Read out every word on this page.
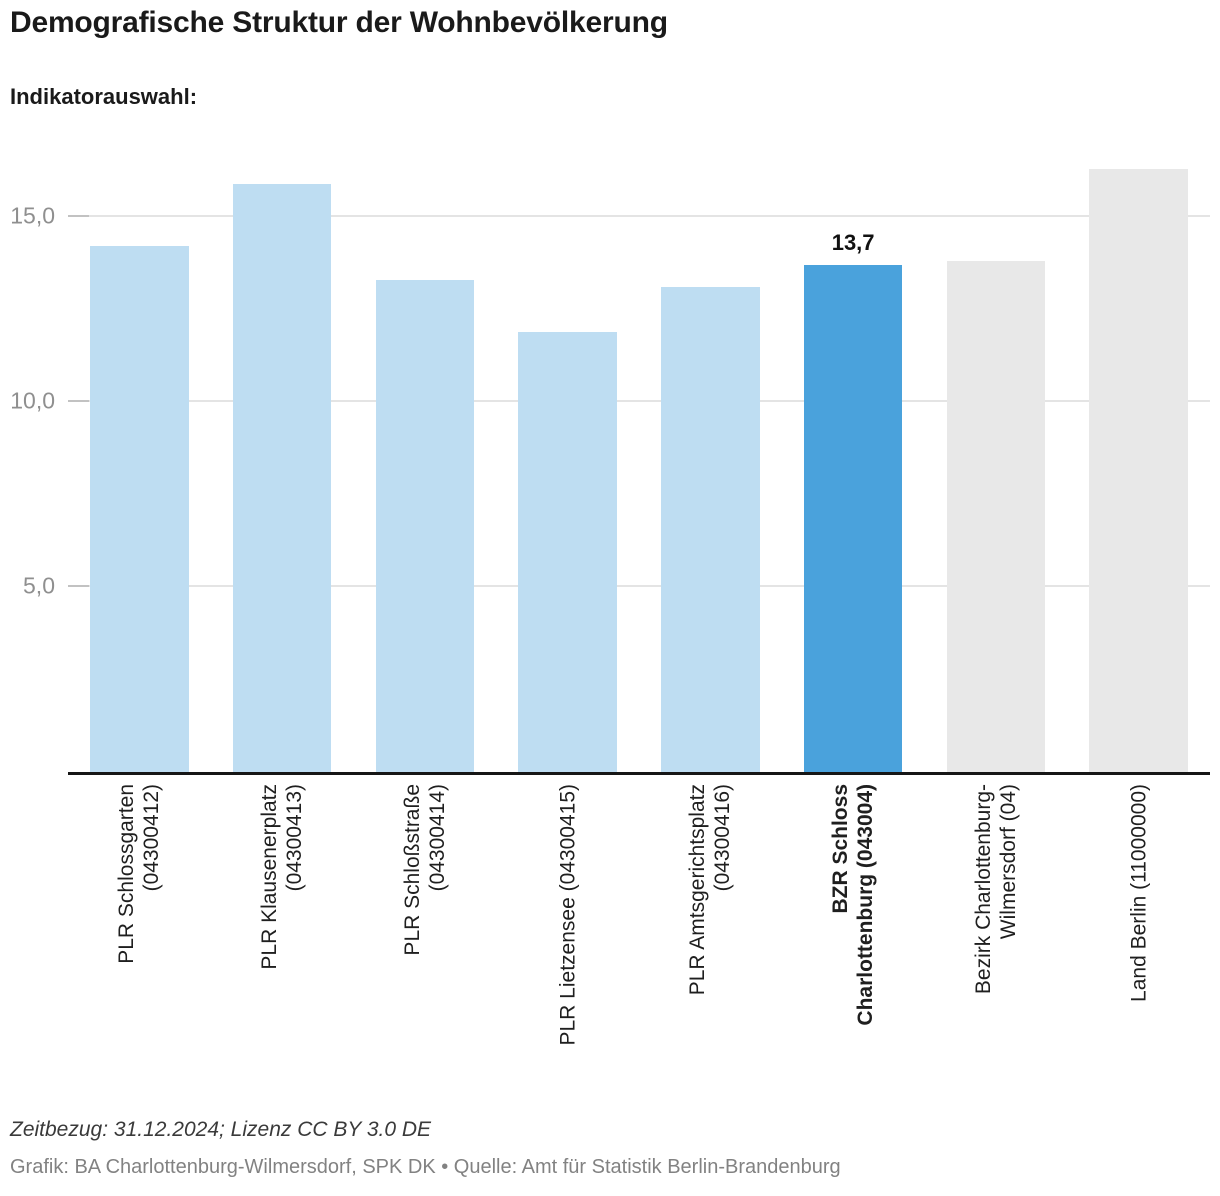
Demografische Struktur der Wohnbevölkerung
Indikatorauswahl:
5,0
10,0
15,0
13,7
PLR Schlossgarten (04300412)	PLR Klausenerplatz (04300413)	PLR Schloßstraße (04300414)	PLR Lietzensee (04300415)	PLR Amtsgerichtsplatz (04300416)	BZR Schloss Charlottenburg (043004)	Bezirk Charlottenburg- Wilmersdorf (04)	Land Berlin (11000000)
Zeitbezug: 31.12.2024; Lizenz CC BY 3.0 DE
Grafik: BA Charlottenburg-Wilmersdorf, SPK DK • Quelle: Amt für Statistik Berlin-Brandenburg
